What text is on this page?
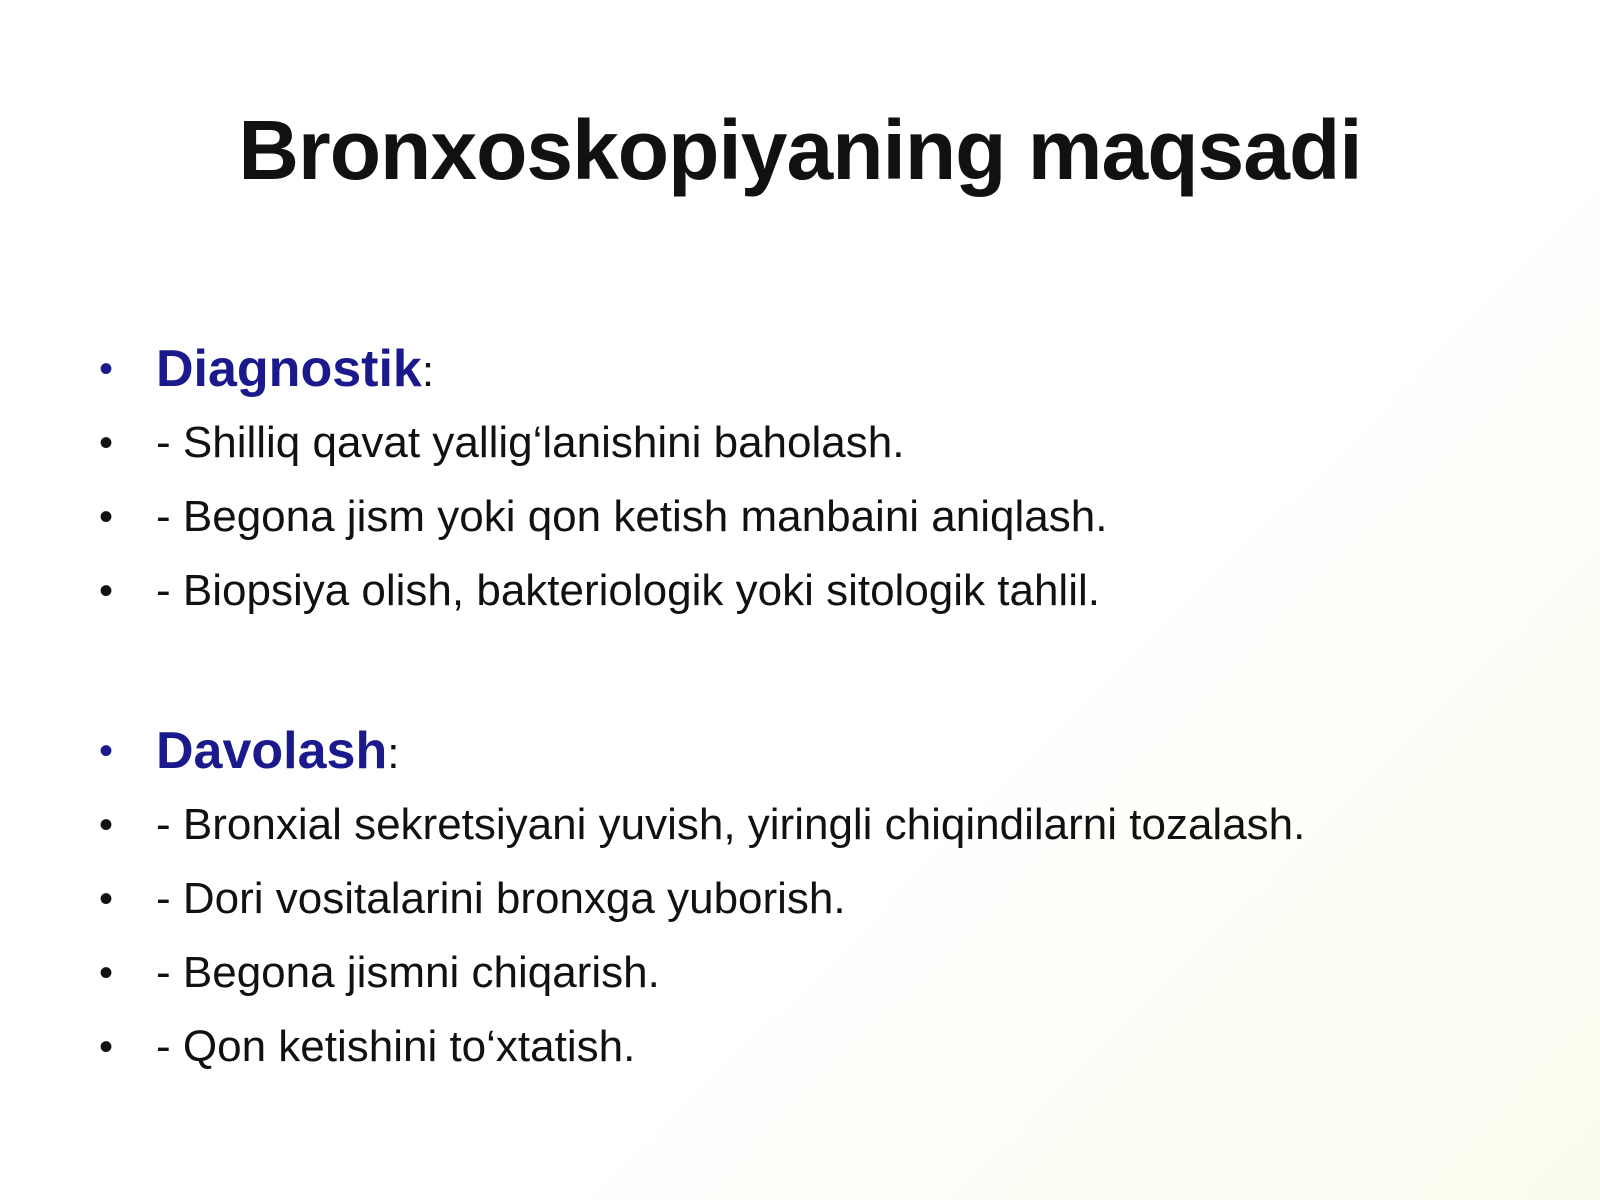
Bronxoskopiyaning maqsadi
• Diagnostik:
• - Shilliq qavat yallig‘lanishini baholash.
• - Begona jism yoki qon ketish manbaini aniqlash.
• - Biopsiya olish, bakteriologik yoki sitologik tahlil.
• Davolash:
• - Bronxial sekretsiyani yuvish, yiringli chiqindilarni tozalash.
• - Dori vositalarini bronxga yuborish.
• - Begona jismni chiqarish.
• - Qon ketishini to‘xtatish.
